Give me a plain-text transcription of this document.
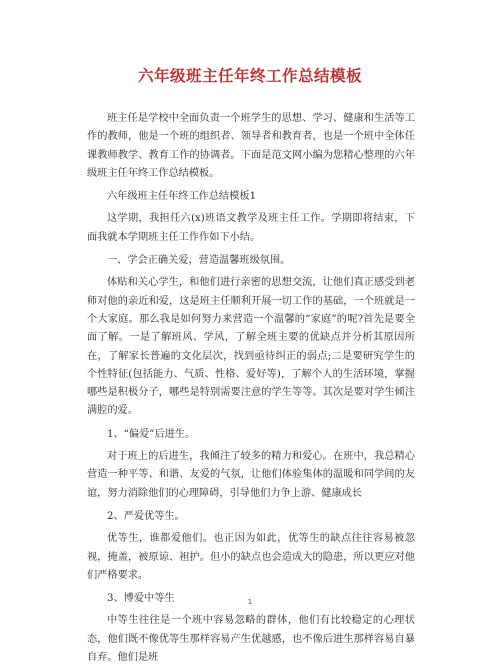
六年级班主任年终工作总结模板

班主任是学校中全面负责一个班学生的思想、学习、健康和生活等工作的教师，他是一个班的组织者、领导者和教育者，也是一个班中全体任课教师教学、教育工作的协调者。下面是范文网小编为您精心整理的六年级班主任年终工作总结模板。

六年级班主任年终工作总结模板1

这学期，我担任六(x)班语文教学及班主任工作。学期即将结束，下面我就本学期班主任工作作如下小结。

一、学会正确关爱，营造温馨班级氛围。

体贴和关心学生，和他们进行亲密的思想交流，让他们真正感受到老师对他的亲近和爱，这是班主任顺利开展一切工作的基础，一个班就是一个大家庭。那么我是如何努力来营造一个温馨的“家庭”的呢?首先是要全面了解。一是了解班风、学风，了解全班主要的优缺点并分析其原因所在，了解家长普遍的文化层次，找到亟待纠正的弱点;二是要研究学生的个性特征(包括能力、气质、性格、爱好等)，了解个人的生活环境，掌握哪些是积极分子，哪些是特别需要注意的学生等等。其次是要对学生倾注满腔的爱。

1、“偏爱”后进生。

对于班上的后进生，我倾注了较多的精力和爱心。在班中，我总精心营造一种平等、和谐、友爱的气氛，让他们体验集体的温暖和同学间的友谊，努力消除他们的心理障碍，引导他们力争上游、健康成长

2、严爱优等生。

优等生，谁都爱他们。也正因为如此，优等生的缺点往往容易被忽视，掩盖，被原谅、袒护。但小的缺点也会造成大的隐患，所以更应对他们严格要求。

3、博爱中等生

中等生往往是一个班中容易忽略的群体，他们有比较稳定的心理状态，他们既不像优等生那样容易产生优越感，也不像后进生那样容易自暴自弃。他们是班

1
